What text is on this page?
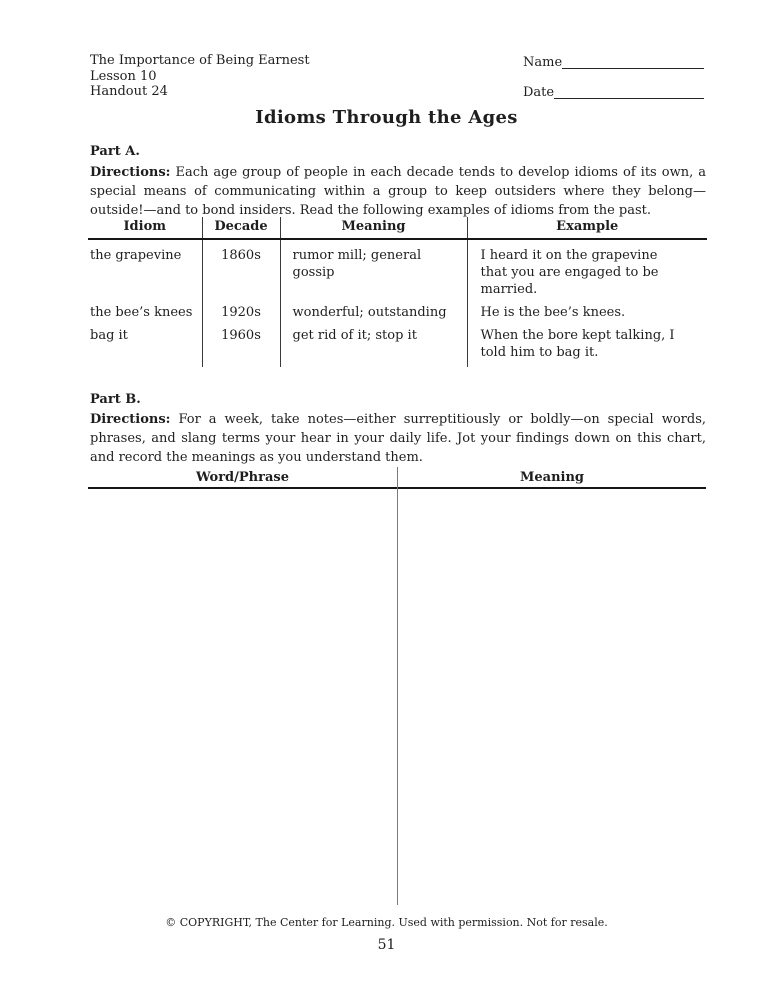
The Importance of Being Earnest
Lesson 10
Handout 24
Name
Date
Idioms Through the Ages
Part A.
Directions: Each age group of people in each decade tends to develop idioms of its own, a special means of communicating within a group to keep outsiders where they belong—outside!—and to bond insiders. Read the following examples of idioms from the past.
Idiom	Decade	Meaning	Example
the grapevine	1860s	rumor mill; general gossip	I heard it on the grapevine that you are engaged to be married.
the bee’s knees	1920s	wonderful; outstanding	He is the bee’s knees.
bag it	1960s	get rid of it; stop it	When the bore kept talking, I told him to bag it.
Part B.
Directions: For a week, take notes—either surreptitiously or boldly—on special words, phrases, and slang terms your hear in your daily life. Jot your findings down on this chart, and record the meanings as you understand them.
Word/Phrase	Meaning
© COPYRIGHT, The Center for Learning. Used with permission. Not for resale.
51
